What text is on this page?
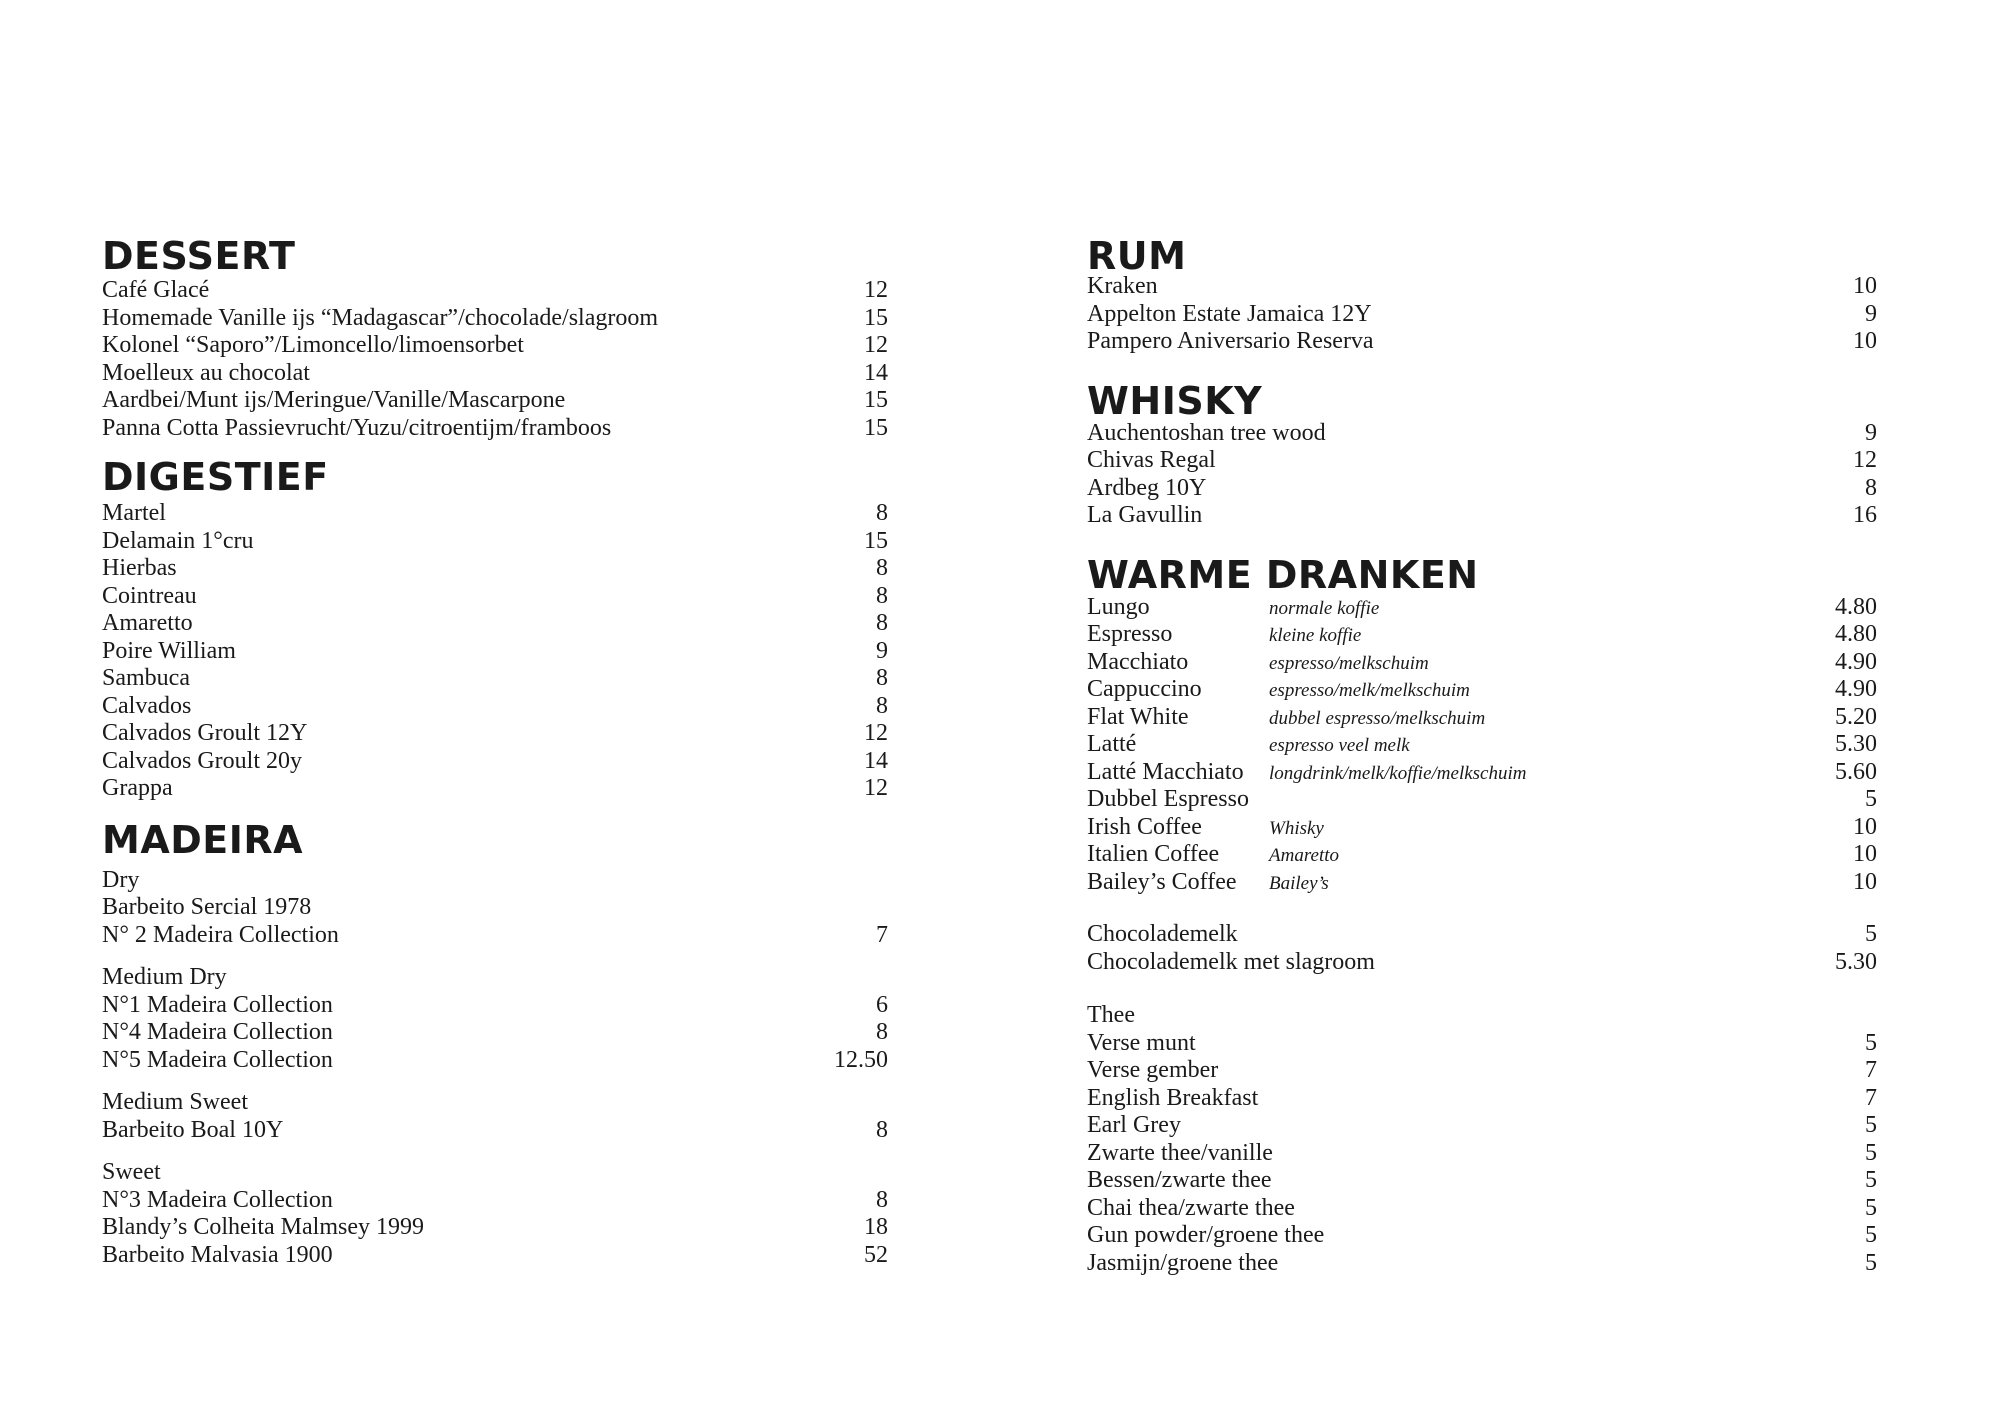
DESSERT
Café Glacé	12
Homemade Vanille ijs “Madagascar”/chocolade/slagroom	15
Kolonel “Saporo”/Limoncello/limoensorbet	12
Moelleux au chocolat	14
Aardbei/Munt ijs/Meringue/Vanille/Mascarpone	15
Panna Cotta Passievrucht/Yuzu/citroentijm/framboos	15
DIGESTIEF
Martel	8
Delamain 1°cru	15
Hierbas	8
Cointreau	8
Amaretto	8
Poire William	9
Sambuca	8
Calvados	8
Calvados Groult 12Y	12
Calvados Groult 20y	14
Grappa	12
MADEIRA
Dry
Barbeito Sercial 1978
N° 2 Madeira Collection	7
Medium Dry
N°1 Madeira Collection	6
N°4 Madeira Collection	8
N°5 Madeira Collection	12.50
Medium Sweet
Barbeito Boal 10Y	8
Sweet
N°3 Madeira Collection	8
Blandy’s Colheita Malmsey 1999	18
Barbeito Malvasia 1900	52
RUM
Kraken	10
Appelton Estate Jamaica 12Y	9
Pampero Aniversario Reserva	10
WHISKY
Auchentoshan tree wood	9
Chivas Regal	12
Ardbeg 10Y	8
La Gavullin	16
WARME DRANKEN
Lungo	normale koffie	4.80
Espresso	kleine koffie	4.80
Macchiato	espresso/melkschuim	4.90
Cappuccino	espresso/melk/melkschuim	4.90
Flat White	dubbel espresso/melkschuim	5.20
Latté	espresso veel melk	5.30
Latté Macchiato	longdrink/melk/koffie/melkschuim	5.60
Dubbel Espresso	5
Irish Coffee	Whisky	10
Italien Coffee	Amaretto	10
Bailey’s Coffee	Bailey’s	10
Chocolademelk	5
Chocolademelk met slagroom	5.30
Thee
Verse munt	5
Verse gember	7
English Breakfast	7
Earl Grey	5
Zwarte thee/vanille	5
Bessen/zwarte thee	5
Chai thea/zwarte thee	5
Gun powder/groene thee	5
Jasmijn/groene thee	5
